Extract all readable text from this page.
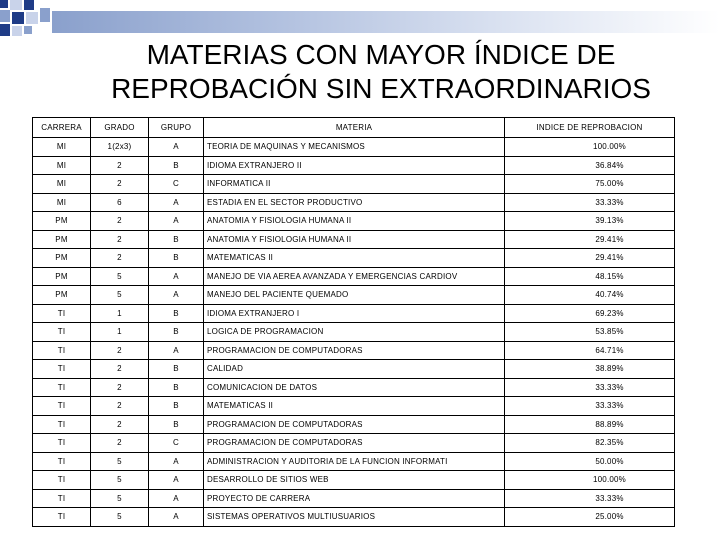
MATERIAS CON MAYOR ÍNDICE DE
REPROBACIÓN SIN EXTRAORDINARIOS
CARRERA	GRADO	GRUPO	MATERIA	INDICE DE REPROBACION
MI	1(2x3)	A	TEORIA DE MAQUINAS Y MECANISMOS	100.00%
MI	2	B	IDIOMA EXTRANJERO II	36.84%
MI	2	C	INFORMATICA II	75.00%
MI	6	A	ESTADIA EN EL SECTOR PRODUCTIVO	33.33%
PM	2	A	ANATOMIA Y FISIOLOGIA HUMANA II	39.13%
PM	2	B	ANATOMIA Y FISIOLOGIA HUMANA II	29.41%
PM	2	B	MATEMATICAS II	29.41%
PM	5	A	MANEJO DE VIA AEREA AVANZADA Y EMERGENCIAS CARDIOV	48.15%
PM	5	A	MANEJO DEL PACIENTE QUEMADO	40.74%
TI	1	B	IDIOMA EXTRANJERO I	69.23%
TI	1	B	LOGICA DE PROGRAMACION	53.85%
TI	2	A	PROGRAMACION DE COMPUTADORAS	64.71%
TI	2	B	CALIDAD	38.89%
TI	2	B	COMUNICACION DE DATOS	33.33%
TI	2	B	MATEMATICAS II	33.33%
TI	2	B	PROGRAMACION DE COMPUTADORAS	88.89%
TI	2	C	PROGRAMACION DE COMPUTADORAS	82.35%
TI	5	A	ADMINISTRACION Y AUDITORIA DE LA FUNCION INFORMATI	50.00%
TI	5	A	DESARROLLO DE SITIOS WEB	100.00%
TI	5	A	PROYECTO DE CARRERA	33.33%
TI	5	A	SISTEMAS OPERATIVOS MULTIUSUARIOS	25.00%
